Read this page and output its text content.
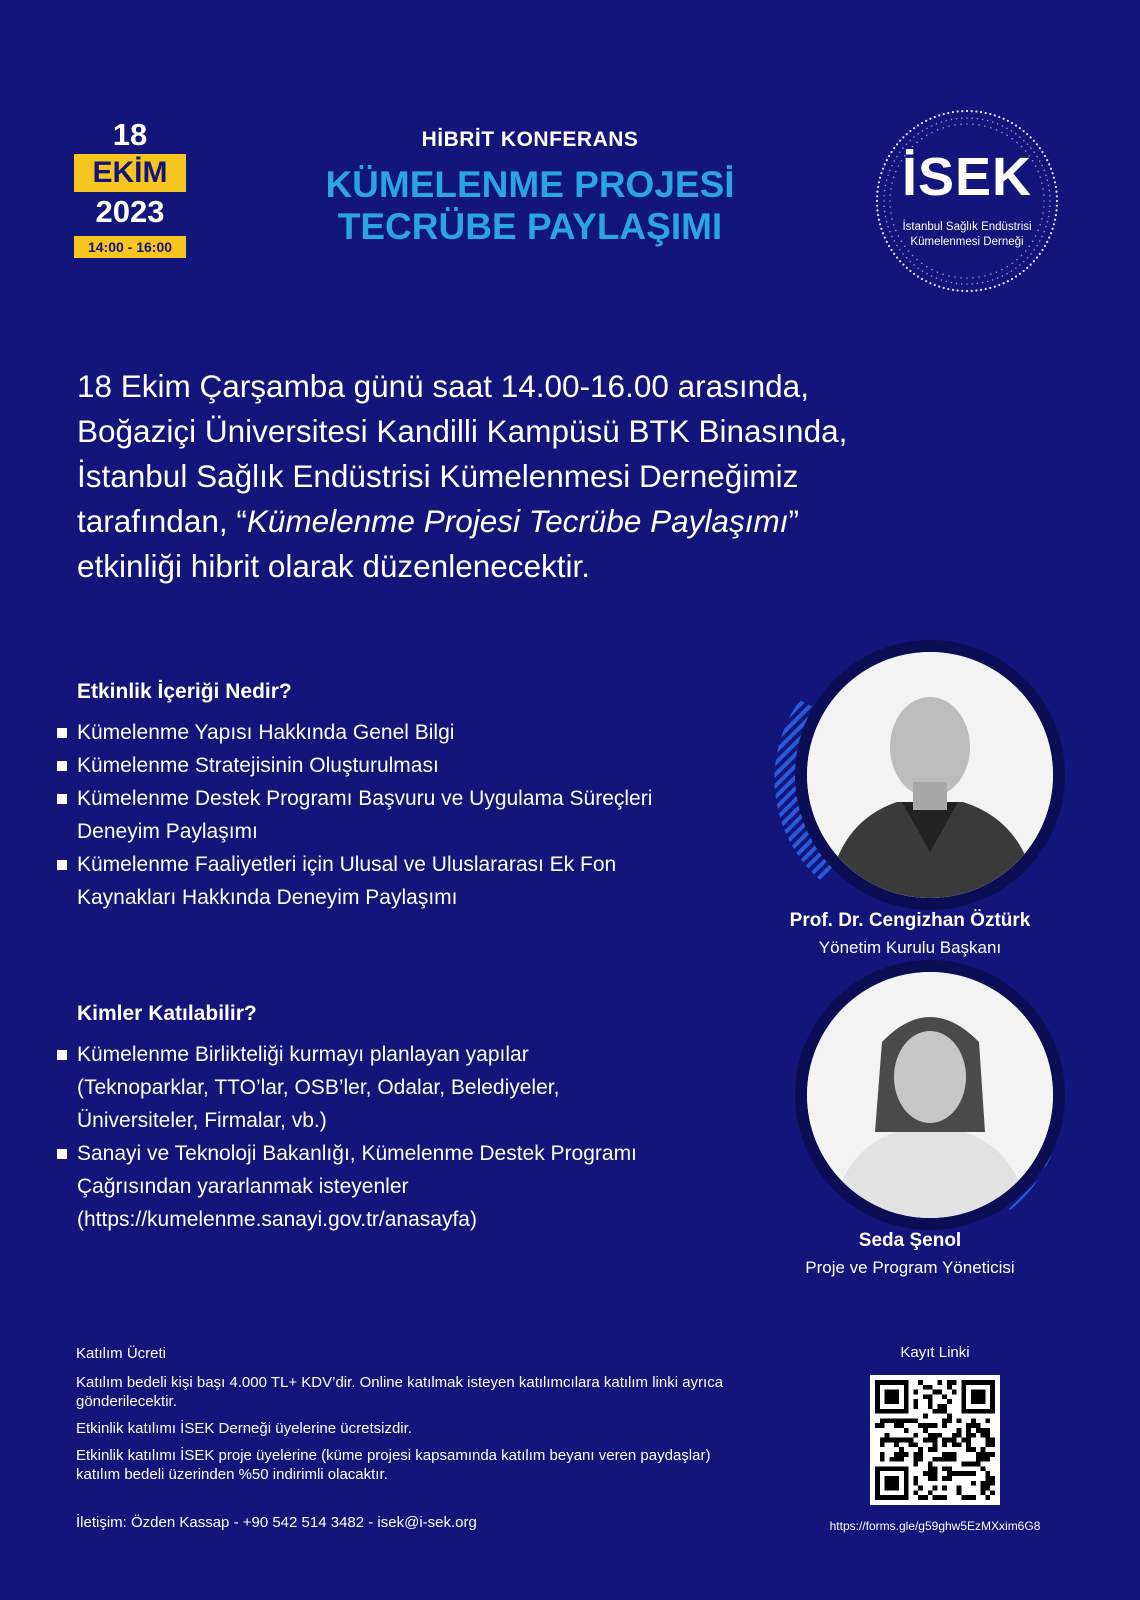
18
EKİM
2023
14:00 - 16:00
HİBRİT KONFERANS
KÜMELENME PROJESİ
TECRÜBE PAYLAŞIMI
İSEK
İstanbul Sağlık Endüstrisi
Kümelenmesi Derneği
18 Ekim Çarşamba günü saat 14.00-16.00 arasında,
Boğaziçi Üniversitesi Kandilli Kampüsü BTK Binasında,
İstanbul Sağlık Endüstrisi Kümelenmesi Derneğimiz
tarafından, “Kümelenme Projesi Tecrübe Paylaşımı”
etkinliği hibrit olarak düzenlenecektir.
Etkinlik İçeriği Nedir?
Kümelenme Yapısı Hakkında Genel Bilgi
Kümelenme Stratejisinin Oluşturulması
Kümelenme Destek Programı Başvuru ve Uygulama Süreçleri Deneyim Paylaşımı
Kümelenme Faaliyetleri için Ulusal ve Uluslararası Ek Fon Kaynakları Hakkında Deneyim Paylaşımı
Kimler Katılabilir?
Kümelenme Birlikteliği kurmayı planlayan yapılar (Teknoparklar, TTO’lar, OSB’ler, Odalar, Belediyeler, Üniversiteler, Firmalar, vb.)
Sanayi ve Teknoloji Bakanlığı, Kümelenme Destek Programı Çağrısından yararlanmak isteyenler (https://kumelenme.sanayi.gov.tr/anasayfa)
Prof. Dr. Cengizhan Öztürk
Yönetim Kurulu Başkanı
Seda Şenol
Proje ve Program Yöneticisi

Katılım Ücreti

Katılım bedeli kişi başı 4.000 TL+ KDV’dir. Online katılmak isteyen katılımcılara katılım linki ayrıca gönderilecektir.

Etkinlik katılımı İSEK Derneği üyelerine ücretsizdir.

Etkinlik katılımı İSEK proje üyelerine (küme projesi kapsamında katılım beyanı veren paydaşlar) katılım bedeli üzerinden %50 indirimli olacaktır.

İletişim: Özden Kassap - +90 542 514 3482 - isek@i-sek.org
Kayıt Linki
https://forms.gle/g59ghw5EzMXxim6G8
